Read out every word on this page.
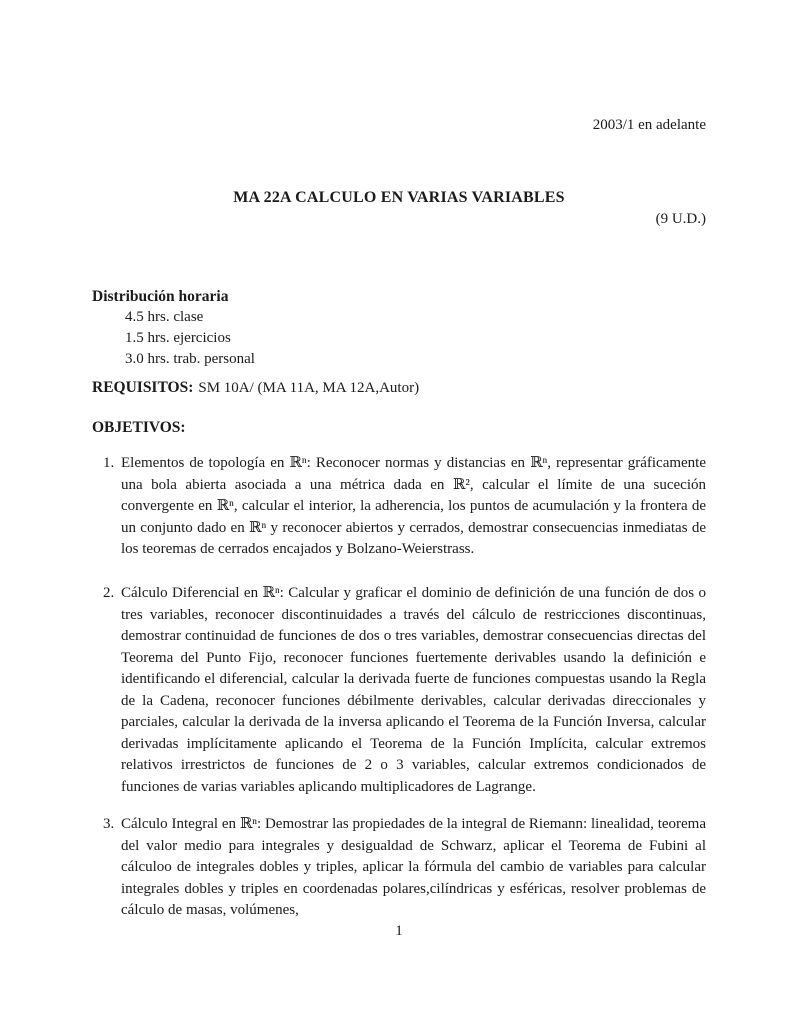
2003/1 en adelante
MA 22A CALCULO EN VARIAS VARIABLES
(9 U.D.)
Distribución horaria
4.5 hrs. clase
1.5 hrs. ejercicios
3.0 hrs. trab. personal
REQUISITOS: SM 10A/ (MA 11A, MA 12A,Autor)
OBJETIVOS:
1. Elementos de topología en ℝⁿ: Reconocer normas y distancias en ℝⁿ, representar gráficamente una bola abierta asociada a una métrica dada en ℝ², calcular el límite de una suceción convergente en ℝⁿ, calcular el interior, la adherencia, los puntos de acumulación y la frontera de un conjunto dado en ℝⁿ y reconocer abiertos y cerrados, demostrar consecuencias inmediatas de los teoremas de cerrados encajados y Bolzano-Weierstrass.
2. Cálculo Diferencial en ℝⁿ: Calcular y graficar el dominio de definición de una función de dos o tres variables, reconocer discontinuidades a través del cálculo de restricciones discontinuas, demostrar continuidad de funciones de dos o tres variables, demostrar consecuencias directas del Teorema del Punto Fijo, reconocer funciones fuertemente derivables usando la definición e identificando el diferencial, calcular la derivada fuerte de funciones compuestas usando la Regla de la Cadena, reconocer funciones débilmente derivables, calcular derivadas direccionales y parciales, calcular la derivada de la inversa aplicando el Teorema de la Función Inversa, calcular derivadas implícitamente aplicando el Teorema de la Función Implícita, calcular extremos relativos irrestrictos de funciones de 2 o 3 variables, calcular extremos condicionados de funciones de varias variables aplicando multiplicadores de Lagrange.
3. Cálculo Integral en ℝⁿ: Demostrar las propiedades de la integral de Riemann: linealidad, teorema del valor medio para integrales y desigualdad de Schwarz, aplicar el Teorema de Fubini al cálculoo de integrales dobles y triples, aplicar la fórmula del cambio de variables para calcular integrales dobles y triples en coordenadas polares,cilíndricas y esféricas, resolver problemas de cálculo de masas, volúmenes,
1
